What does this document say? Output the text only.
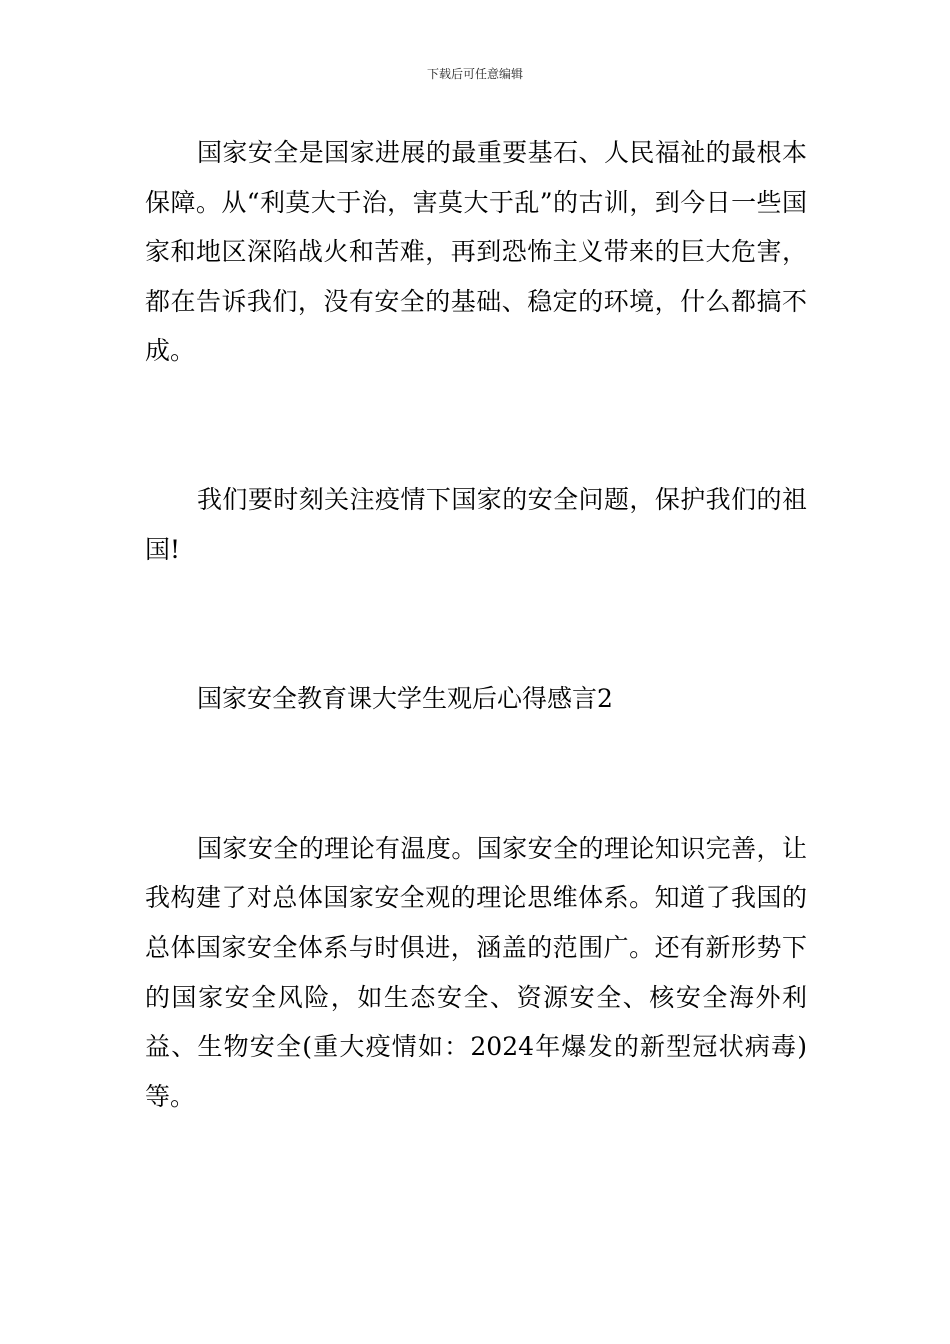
下载后可任意编辑

国家安全是国家进展的最重要基石、人民福祉的最根本保障。从“利莫大于治，害莫大于乱”的古训，到今日一些国家和地区深陷战火和苦难，再到恐怖主义带来的巨大危害，都在告诉我们，没有安全的基础、稳定的环境，什么都搞不成。

我们要时刻关注疫情下国家的安全问题，保护我们的祖国!

国家安全教育课大学生观后心得感言2

国家安全的理论有温度。国家安全的理论知识完善，让我构建了对总体国家安全观的理论思维体系。知道了我国的总体国家安全体系与时俱进，涵盖的范围广。还有新形势下的国家安全风险，如生态安全、资源安全、核安全海外利益、生物安全(重大疫情如：2024年爆发的新型冠状病毒)等。
